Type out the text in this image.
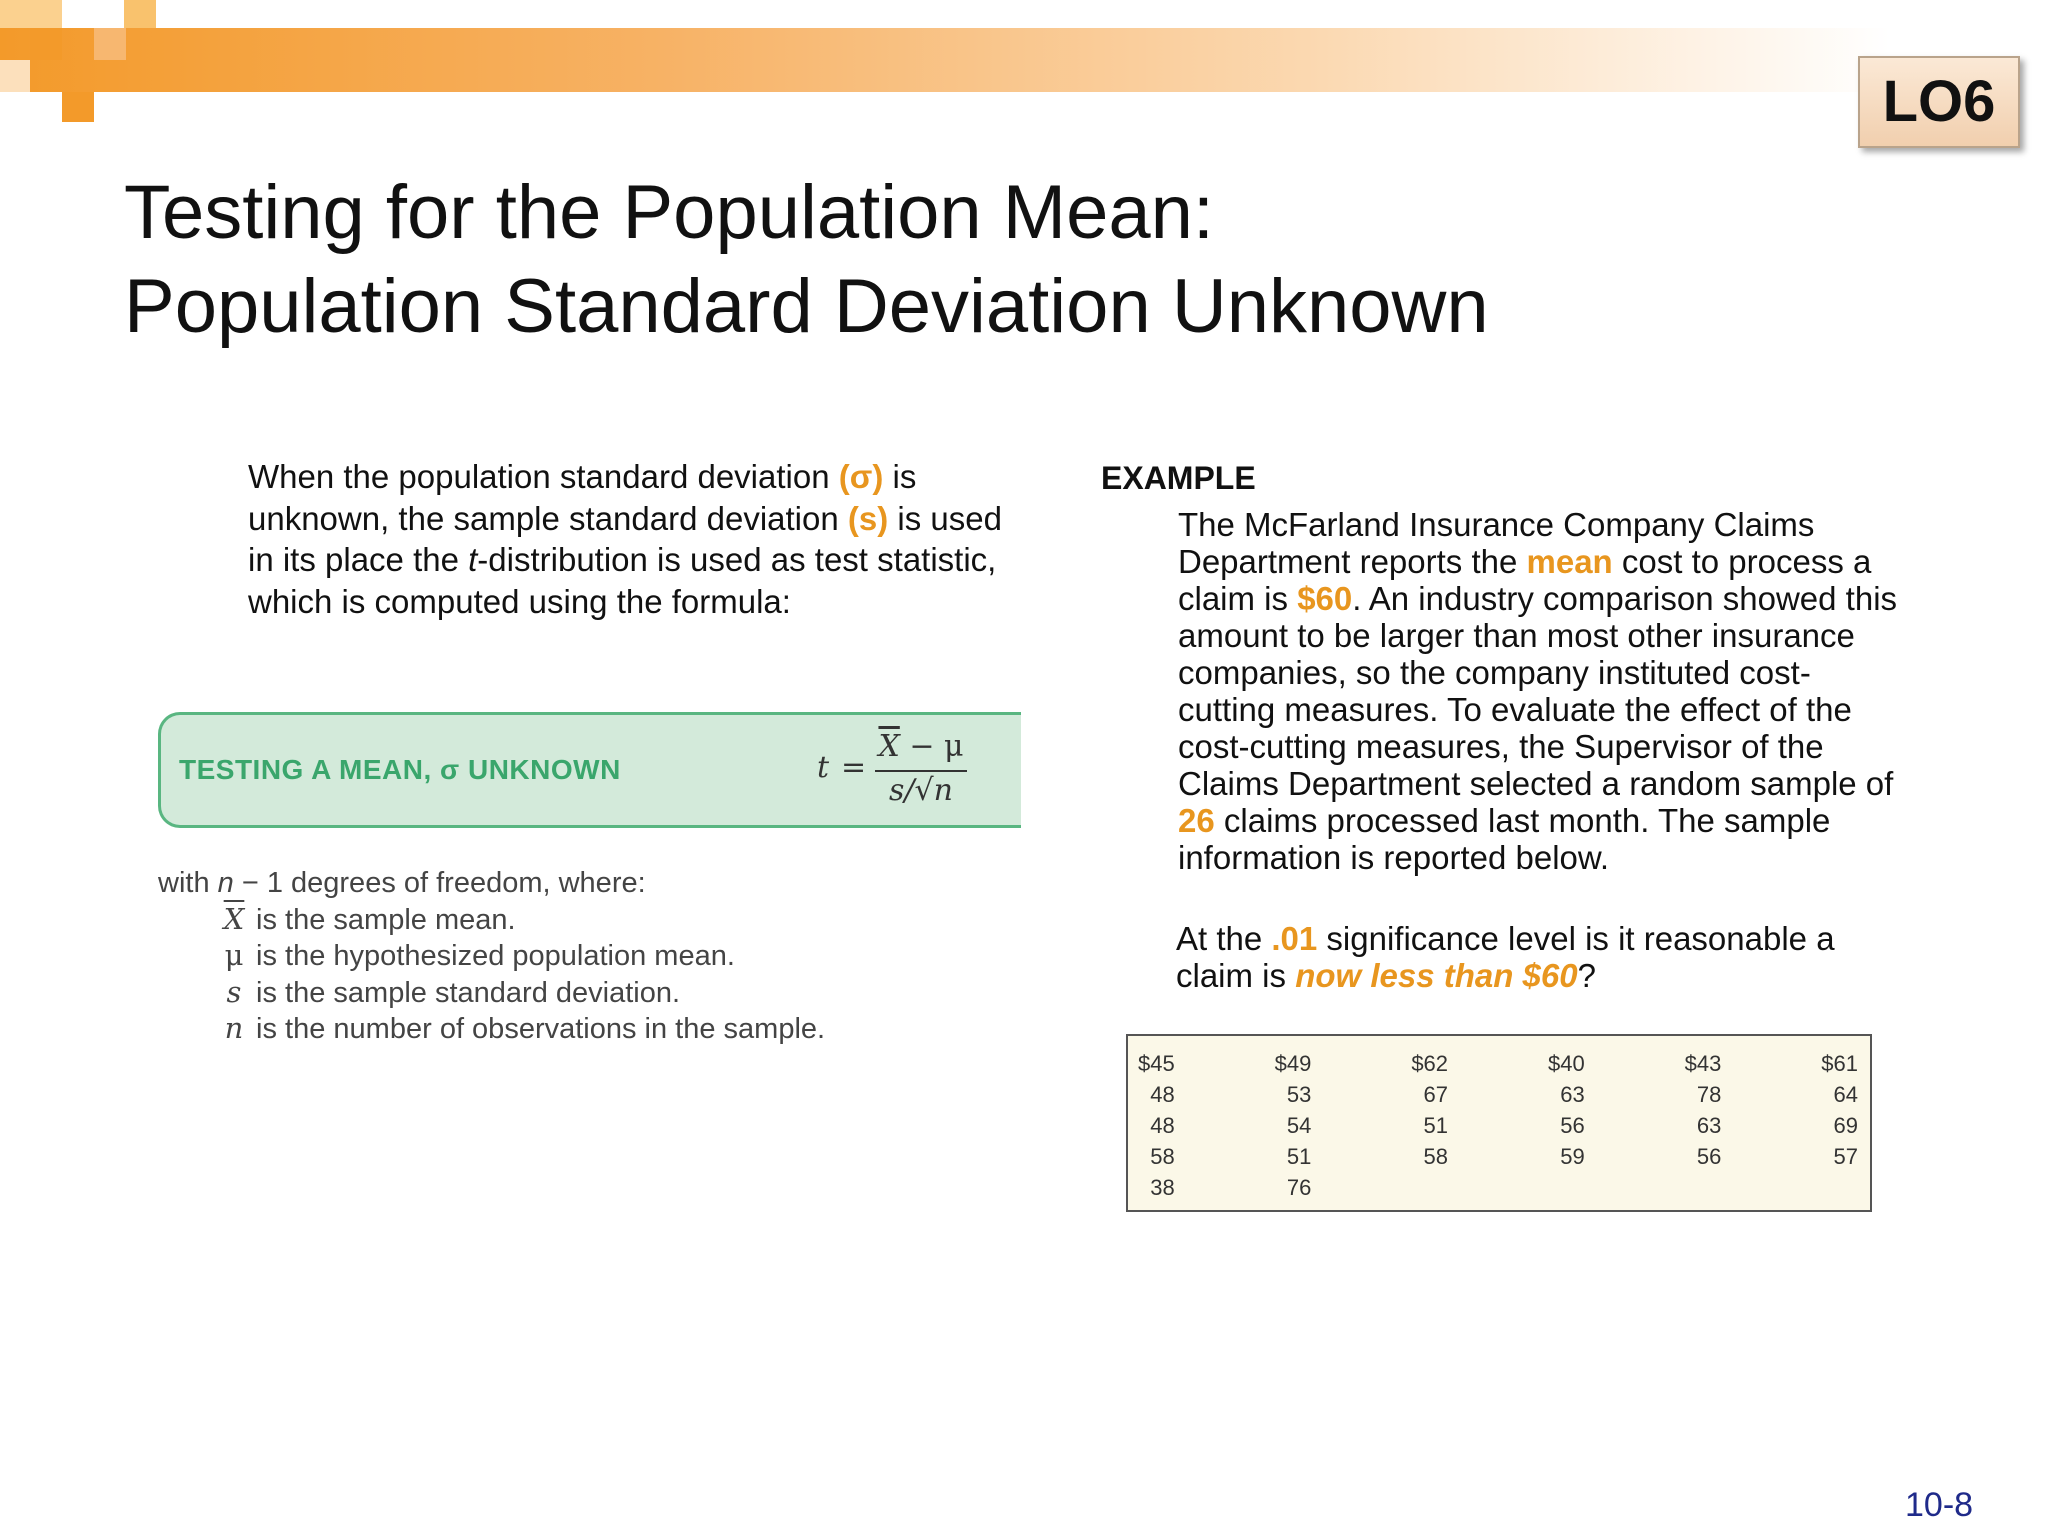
LO6
Testing for the Population Mean:
Population Standard Deviation Unknown
When the population standard deviation (σ) is unknown, the sample standard deviation (s) is used in its place the t-distribution is used as test statistic, which is computed using the formula:
TESTING A MEAN, σ UNKNOWN	t =
$\overline{X} - \mu$
s/√n
with n − 1 degrees of freedom, where:
$\overline{X}$ is the sample mean.
μ is the hypothesized population mean.
s is the sample standard deviation.
n is the number of observations in the sample.
EXAMPLE
The McFarland Insurance Company Claims Department reports the mean cost to process a claim is $60. An industry comparison showed this amount to be larger than most other insurance companies, so the company instituted cost-cutting measures. To evaluate the effect of the cost-cutting measures, the Supervisor of the Claims Department selected a random sample of 26 claims processed last month. The sample information is reported below.
At the .01 significance level is it reasonable a claim is now less than $60?
$45	$49	$62	$40	$43	$61
48	53	67	63	78	64
48	54	51	56	63	69
58	51	58	59	56	57
38	76				
10-8
